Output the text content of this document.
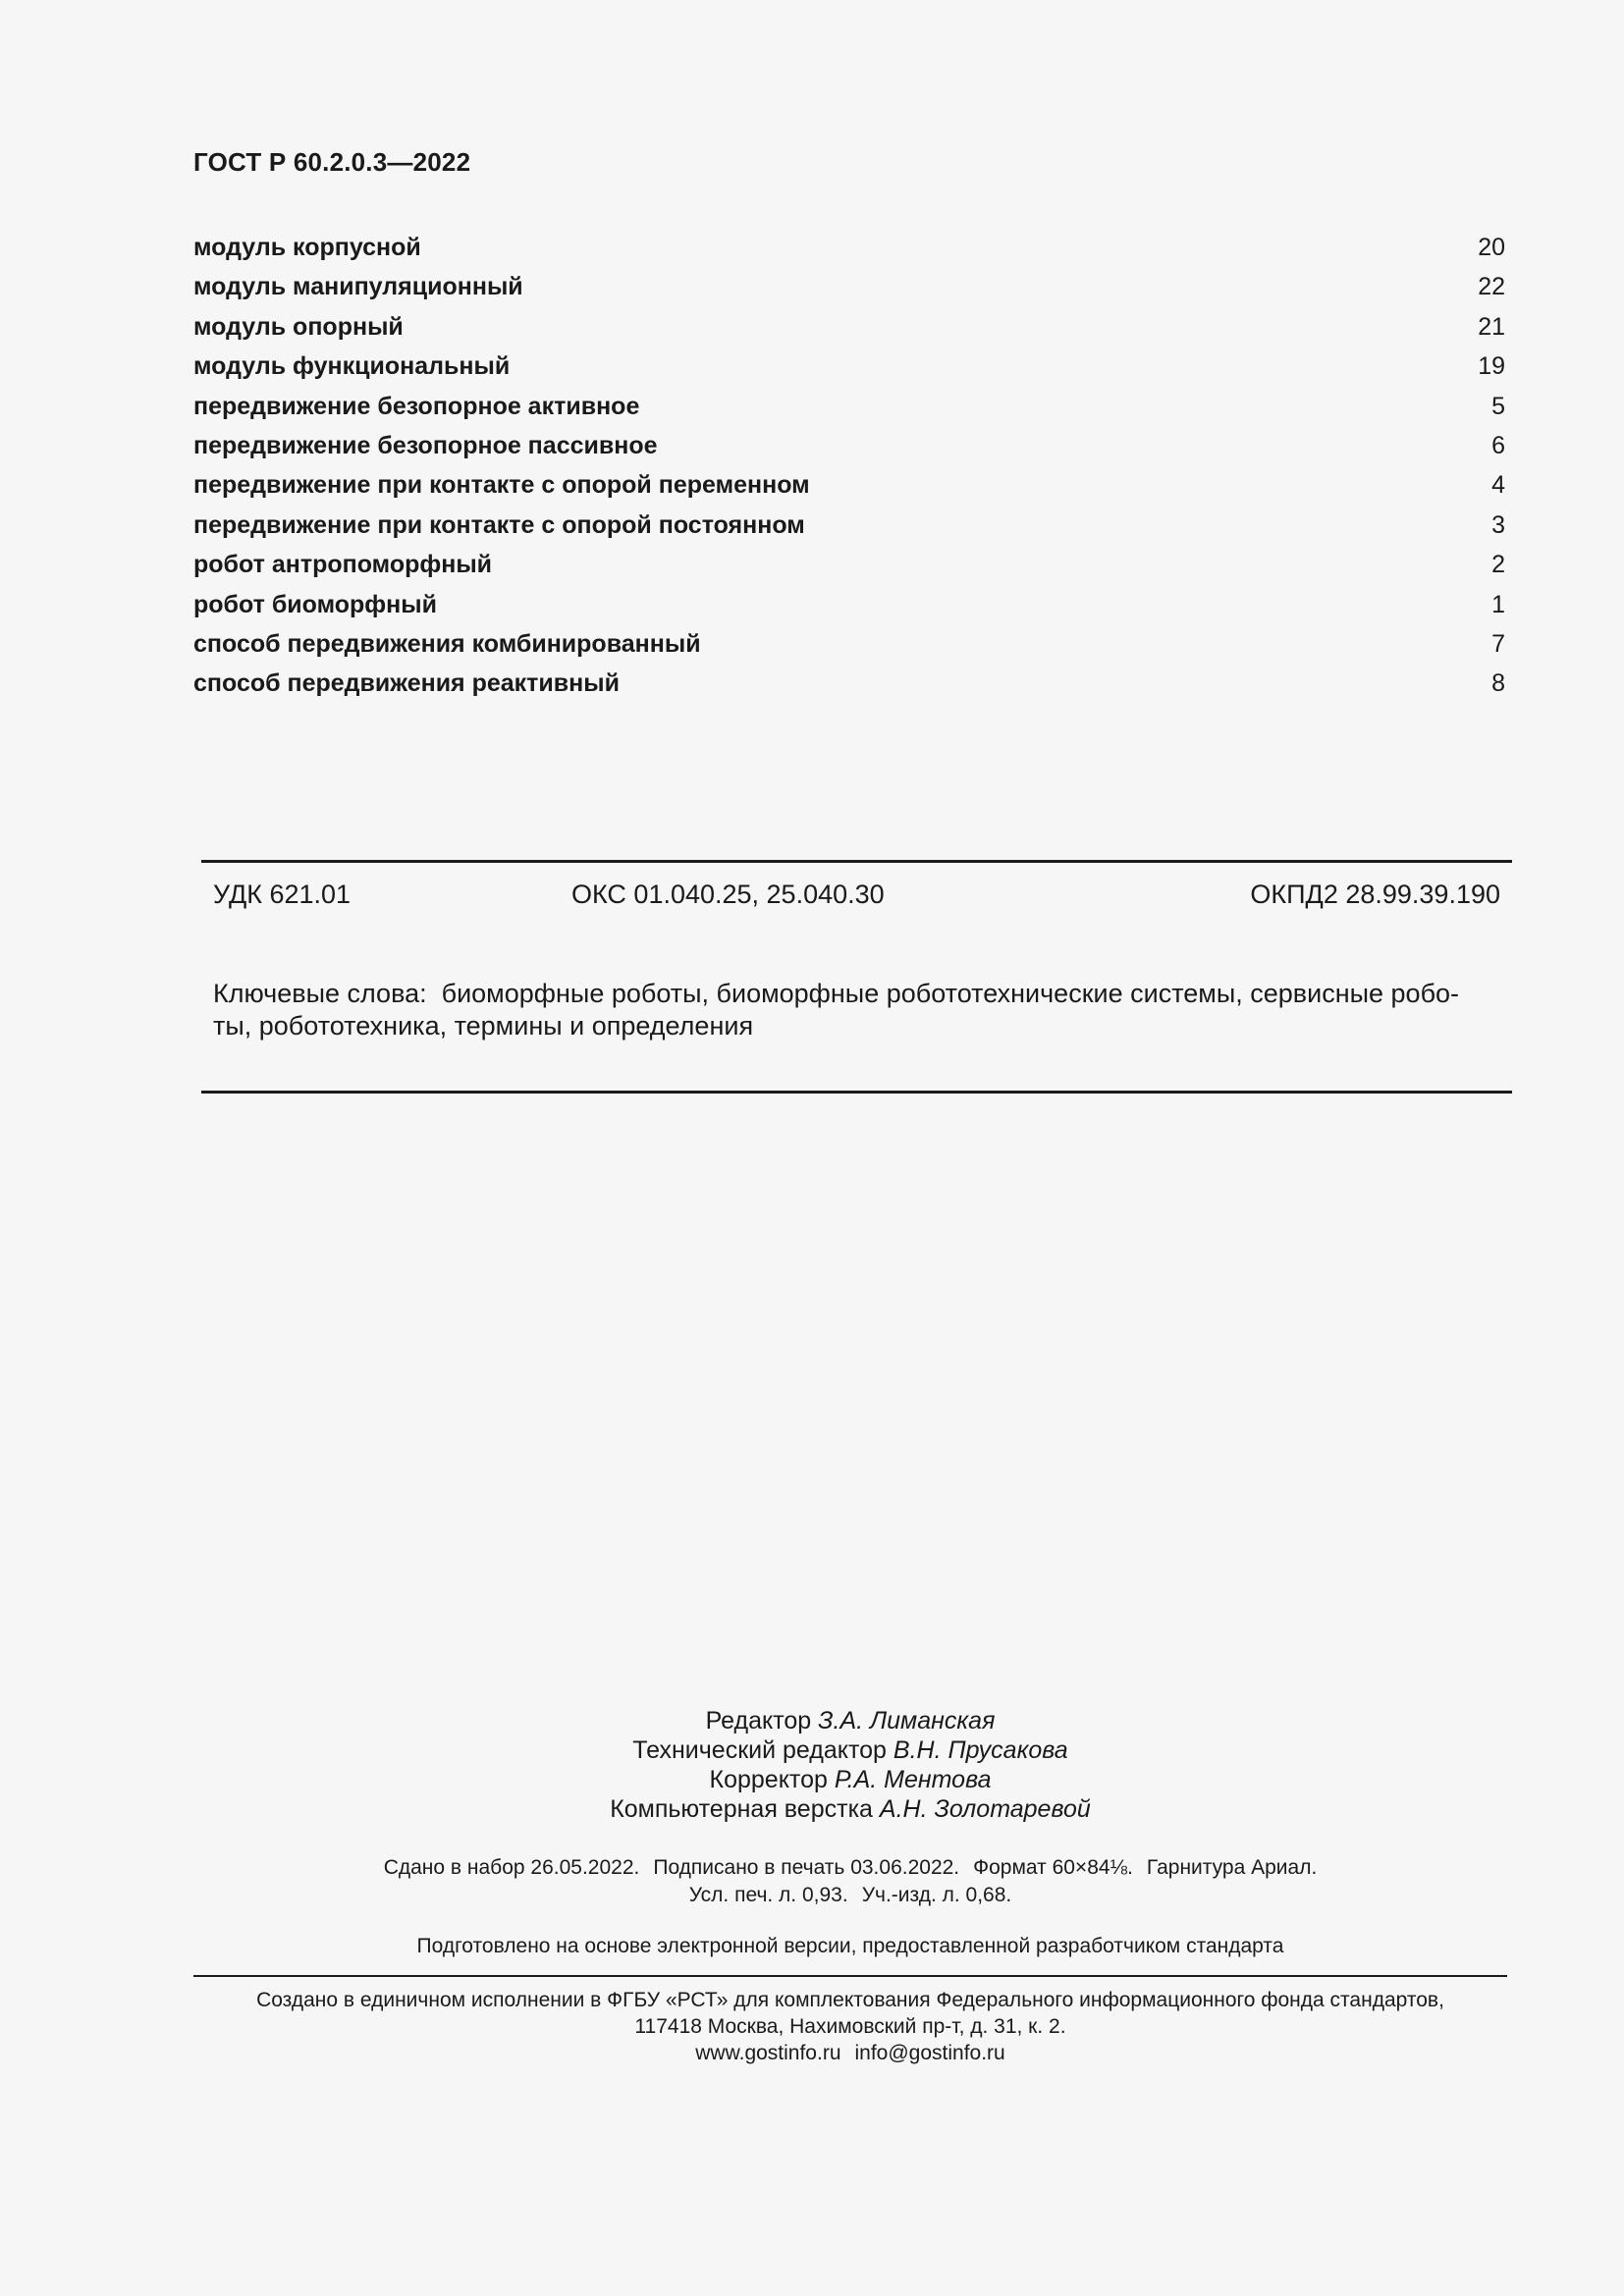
ГОСТ Р 60.2.0.3—2022
модуль корпусной	20
модуль манипуляционный	22
модуль опорный	21
модуль функциональный	19
передвижение безопорное активное	5
передвижение безопорное пассивное	6
передвижение при контакте с опорой переменном	4
передвижение при контакте с опорой постоянном	3
робот антропоморфный	2
робот биоморфный	1
способ передвижения комбинированный	7
способ передвижения реактивный	8
УДК 621.01	ОКС 01.040.25, 25.040.30	ОКПД2 28.99.39.190
Ключевые слова:  биоморфные роботы, биоморфные робототехнические системы, сервисные робо-
ты, робототехника, термины и определения
Редактор З.А. Лиманская
Технический редактор В.Н. Прусакова
Корректор Р.А. Ментова
Компьютерная верстка А.Н. Золотаревой
Сдано в набор 26.05.2022. Подписано в печать 03.06.2022. Формат 60×84⅛. Гарнитура Ариал.
Усл. печ. л. 0,93. Уч.-изд. л. 0,68.
Подготовлено на основе электронной версии, предоставленной разработчиком стандарта
Создано в единичном исполнении в ФГБУ «РСТ» для комплектования Федерального информационного фонда стандартов,
117418 Москва, Нахимовский пр-т, д. 31, к. 2.
www.gostinfo.ru info@gostinfo.ru
